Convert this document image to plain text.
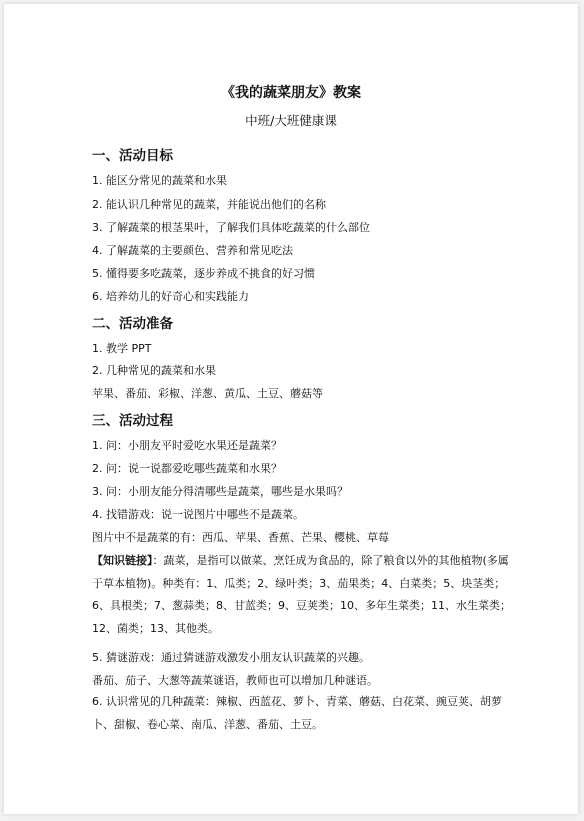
《我的蔬菜朋友》教案
中班/大班健康课
一、活动目标
1. 能区分常见的蔬菜和水果
2. 能认识几种常见的蔬菜，并能说出他们的名称
3. 了解蔬菜的根茎果叶，了解我们具体吃蔬菜的什么部位
4. 了解蔬菜的主要颜色、营养和常见吃法
5. 懂得要多吃蔬菜，逐步养成不挑食的好习惯
6. 培养幼儿的好奇心和实践能力
二、活动准备
1. 教学 PPT
2. 几种常见的蔬菜和水果
苹果、番茄、彩椒、洋葱、黄瓜、土豆、蘑菇等
三、活动过程
1. 问：小朋友平时爱吃水果还是蔬菜？
2. 问：说一说都爱吃哪些蔬菜和水果？
3. 问：小朋友能分得清哪些是蔬菜，哪些是水果吗？
4. 找错游戏：说一说图片中哪些不是蔬菜。
图片中不是蔬菜的有：西瓜、苹果、香蕉、芒果、樱桃、草莓
【知识链接】：蔬菜，是指可以做菜、烹饪成为食品的，除了粮食以外的其他植物(多属于草本植物)。种类有：1、瓜类；2、绿叶类；3、茄果类；4、白菜类；5、块茎类；6、具根类；7、葱蒜类；8、甘蓝类；9、豆荚类；10、多年生菜类；11、水生菜类；12、菌类；13、其他类。
5. 猜谜游戏：通过猜谜游戏激发小朋友认识蔬菜的兴趣。
番茄、茄子、大葱等蔬菜谜语，教师也可以增加几种谜语。
6. 认识常见的几种蔬菜：辣椒、西蓝花、萝卜、青菜、蘑菇、白花菜、豌豆荚、胡萝卜、甜椒、卷心菜、南瓜、洋葱、番茄、土豆。
